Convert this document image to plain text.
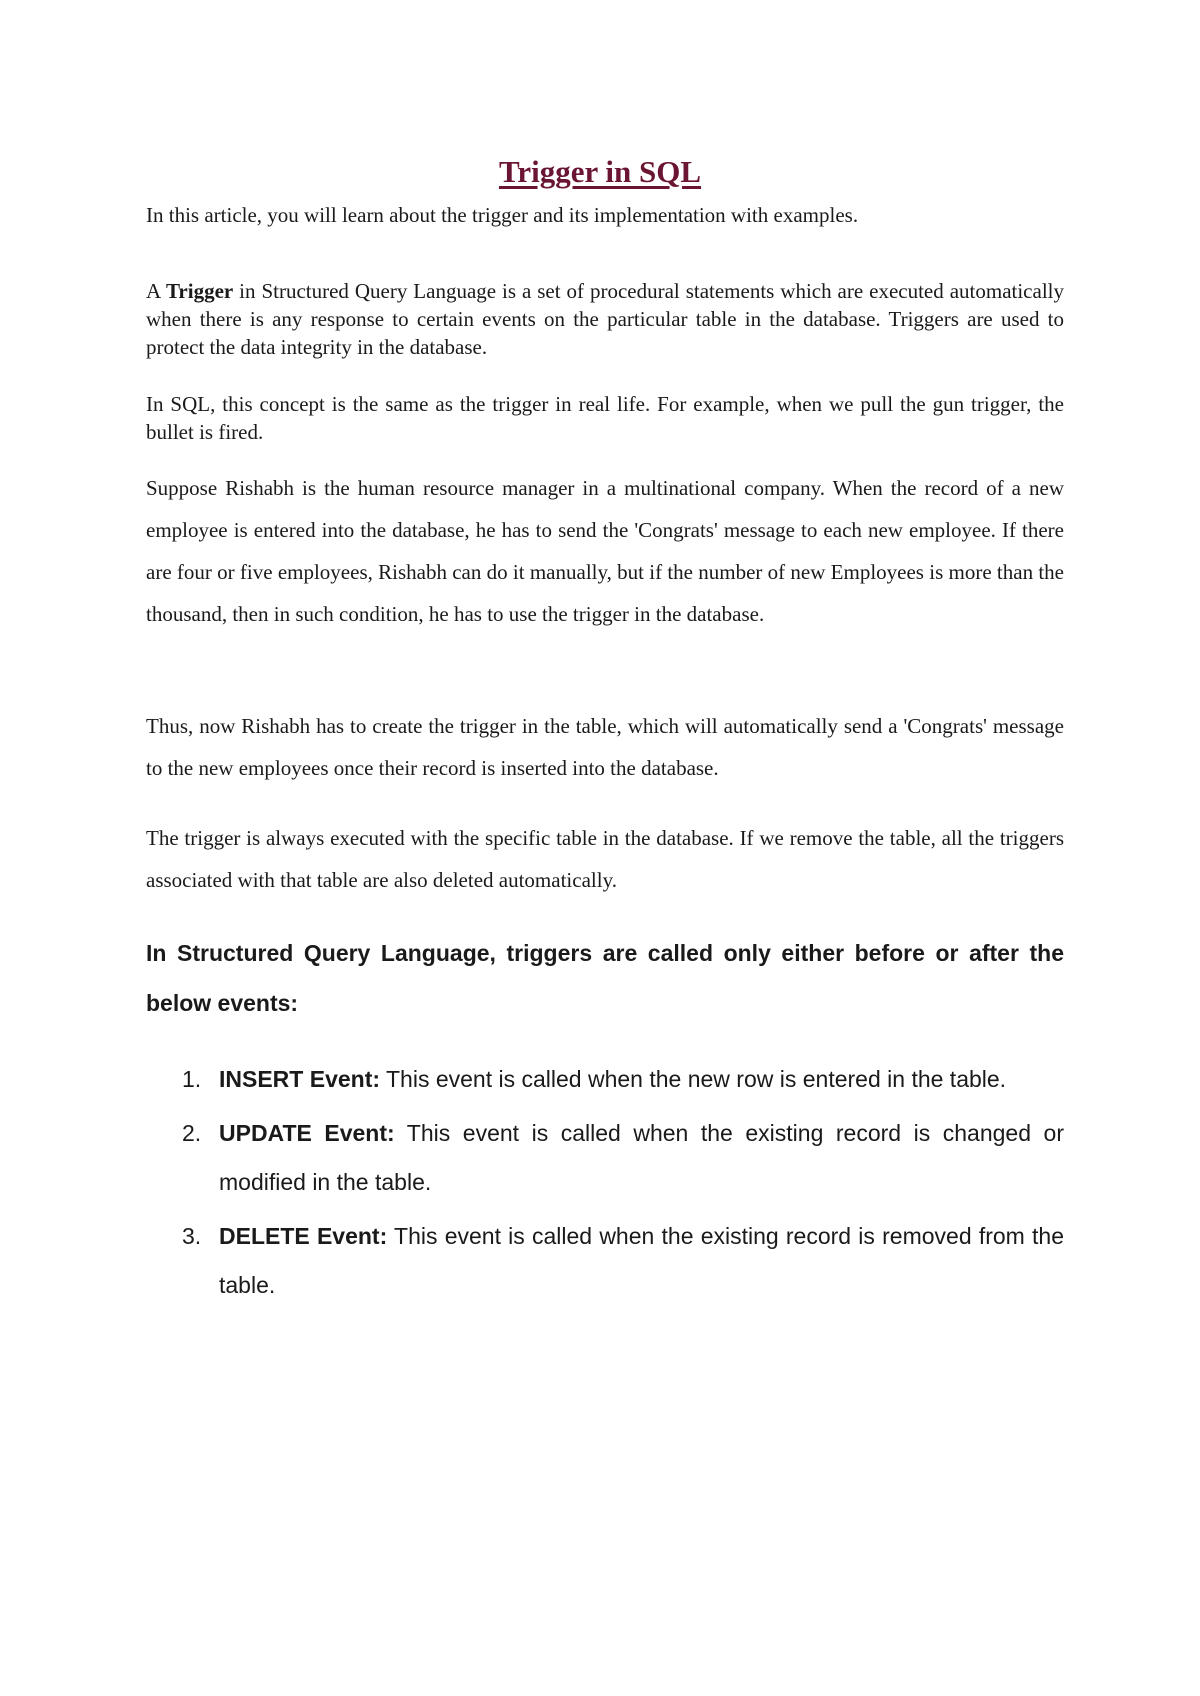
Trigger in SQL

In this article, you will learn about the trigger and its implementation with examples.

A Trigger in Structured Query Language is a set of procedural statements which are executed automatically when there is any response to certain events on the particular table in the database. Triggers are used to protect the data integrity in the database.

In SQL, this concept is the same as the trigger in real life. For example, when we pull the gun trigger, the bullet is fired.

Suppose Rishabh is the human resource manager in a multinational company. When the record of a new employee is entered into the database, he has to send the 'Congrats' message to each new employee. If there are four or five employees, Rishabh can do it manually, but if the number of new Employees is more than the thousand, then in such condition, he has to use the trigger in the database.

Thus, now Rishabh has to create the trigger in the table, which will automatically send a 'Congrats' message to the new employees once their record is inserted into the database.

The trigger is always executed with the specific table in the database. If we remove the table, all the triggers associated with that table are also deleted automatically.

In Structured Query Language, triggers are called only either before or after the below events:

1. INSERT Event: This event is called when the new row is entered in the table.
2. UPDATE Event: This event is called when the existing record is changed or modified in the table.
3. DELETE Event: This event is called when the existing record is removed from the table.
